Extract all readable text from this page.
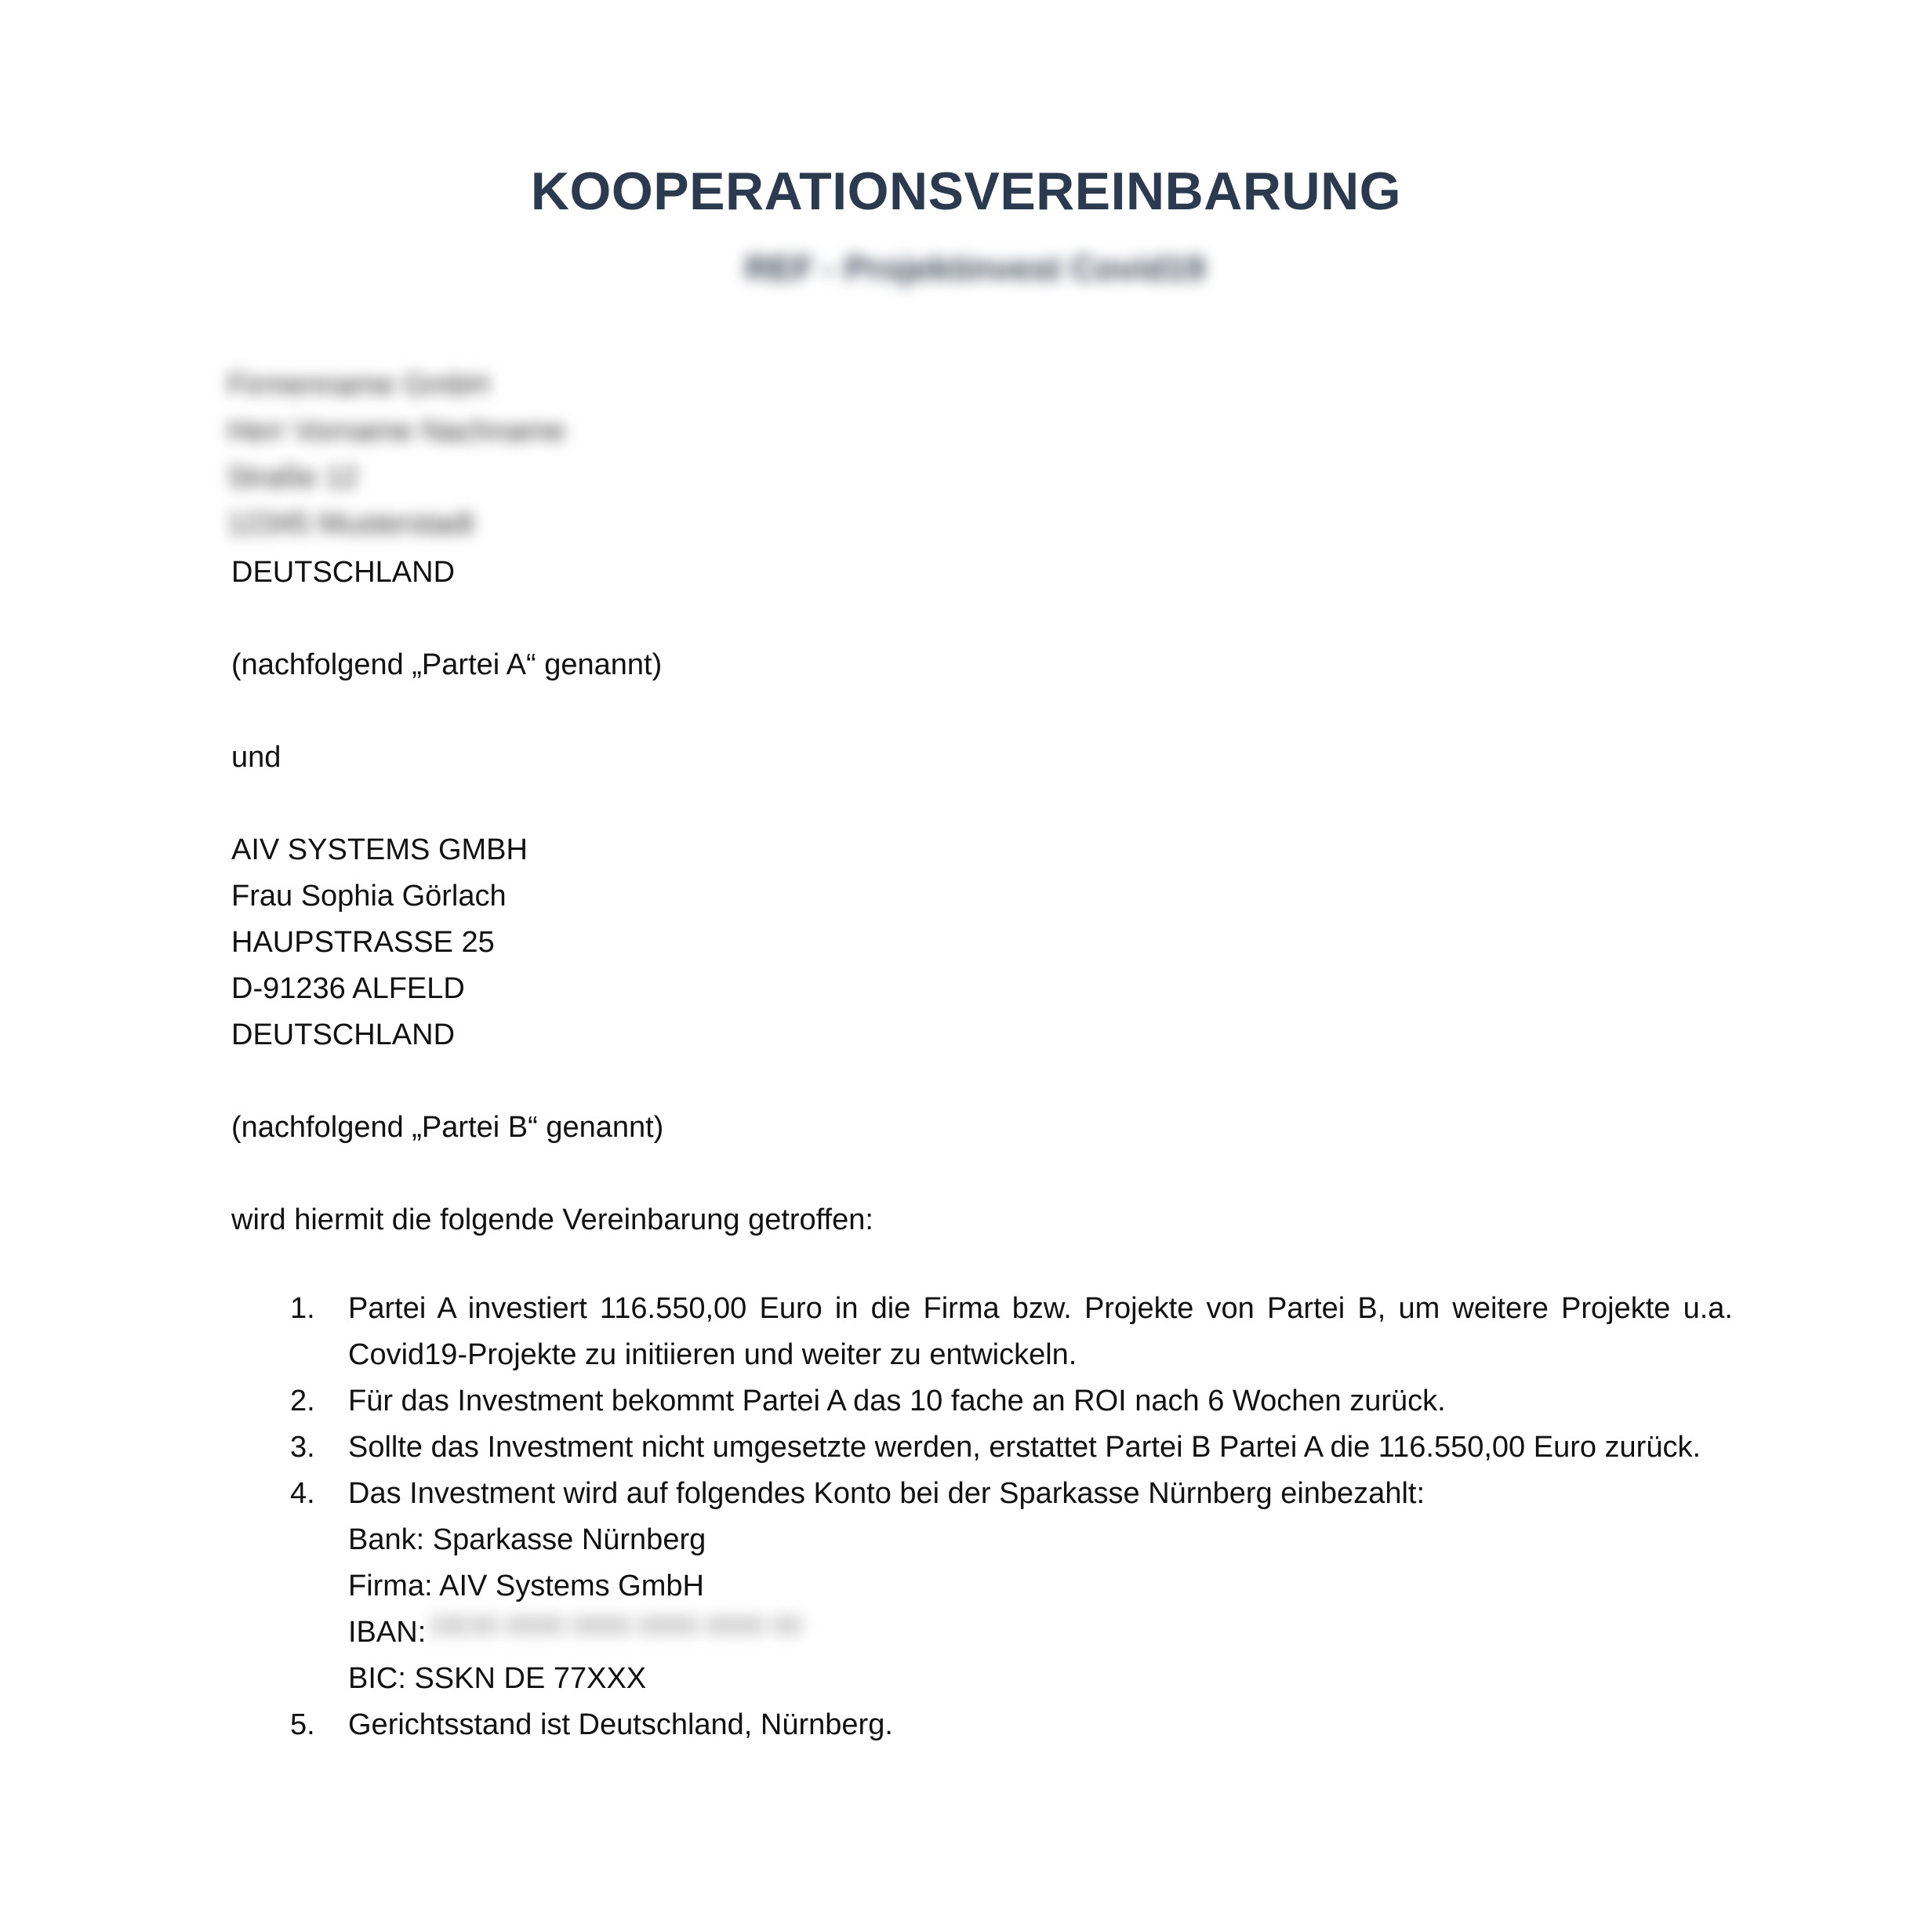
KOOPERATIONSVEREINBARUNG
REF - Projektinvest Covid19
Firmenname GmbH
Herr Vorname Nachname
Straße 12
12345 Musterstadt
DEUTSCHLAND
(nachfolgend „Partei A“ genannt)
und
AIV SYSTEMS GMBH
Frau Sophia Görlach
HAUPSTRASSE 25
D-91236 ALFELD
DEUTSCHLAND
(nachfolgend „Partei B“ genannt)
wird hiermit die folgende Vereinbarung getroffen:
1. Partei A investiert 116.550,00 Euro in die Firma bzw. Projekte von Partei B, um weitere Projekte u.a. Covid19-Projekte zu initiieren und weiter zu entwickeln.
2. Für das Investment bekommt Partei A das 10 fache an ROI nach 6 Wochen zurück.
3. Sollte das Investment nicht umgesetzte werden, erstattet Partei B Partei A die 116.550,00 Euro zurück.
4. Das Investment wird auf folgendes Konto bei der Sparkasse Nürnberg einbezahlt:
Bank: Sparkasse Nürnberg
Firma: AIV Systems GmbH
IBAN:
BIC: SSKN DE 77XXX
5. Gerichtsstand ist Deutschland, Nürnberg.
DE00 0000 0000 0000 0000 00
